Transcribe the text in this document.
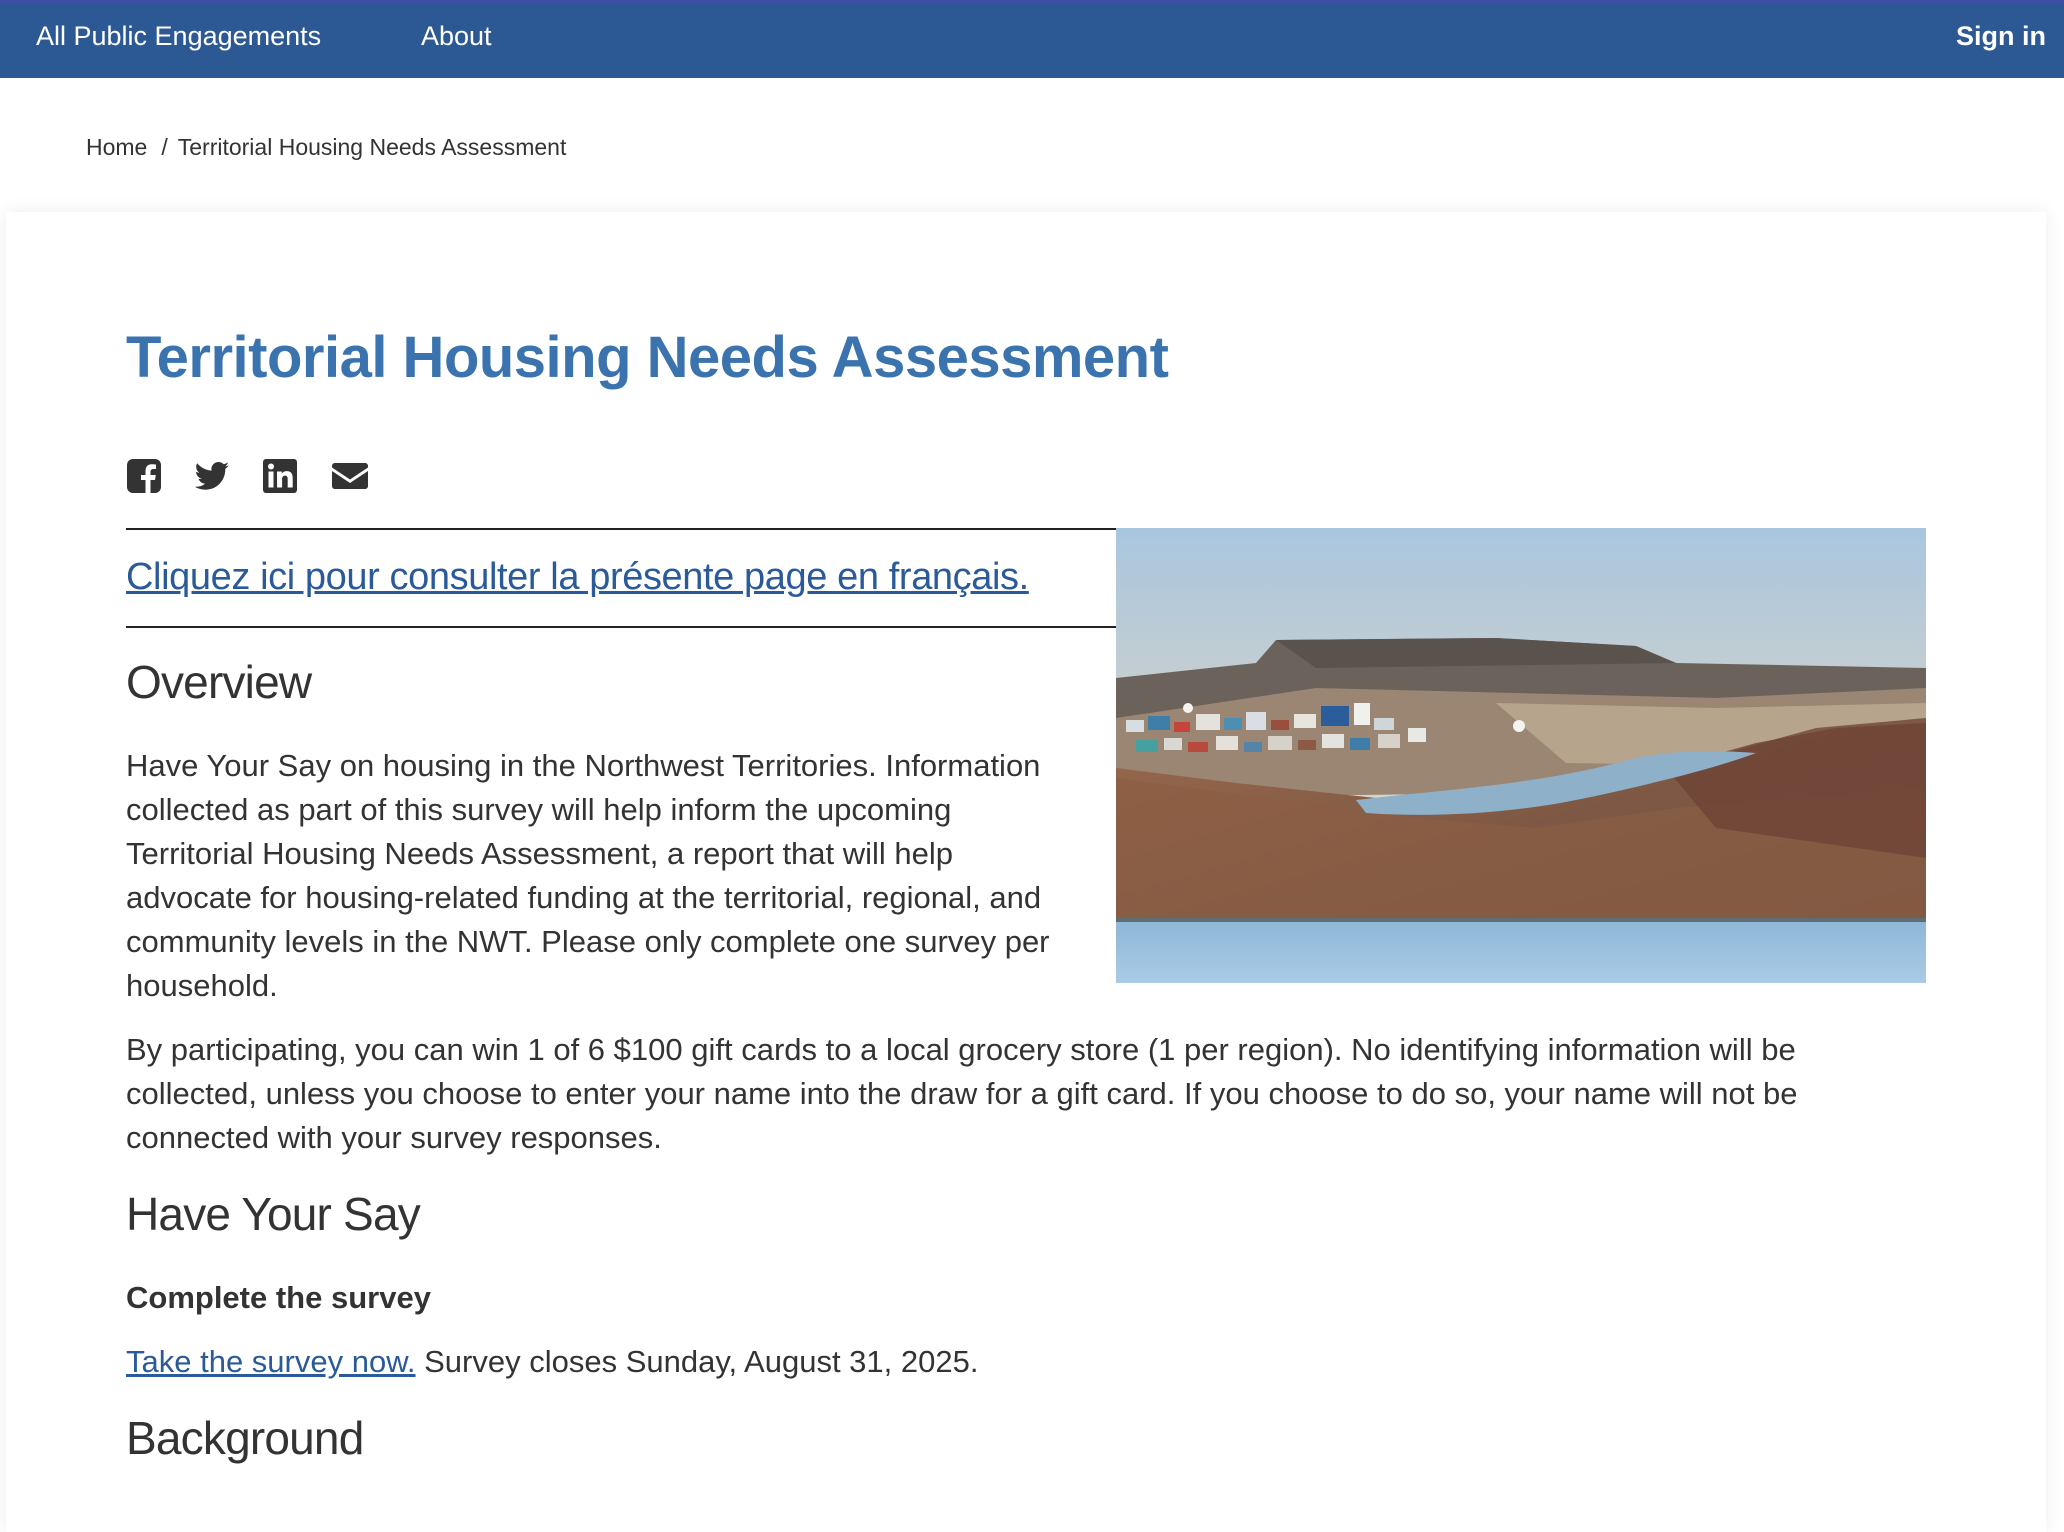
All Public Engagements	About	Sign in
Home / Territorial Housing Needs Assessment
Territorial Housing Needs Assessment
Cliquez ici pour consulter la présente page en français.
Overview

Have Your Say on housing in the Northwest Territories. Information collected as part of this survey will help inform the upcoming Territorial Housing Needs Assessment, a report that will help advocate for housing-related funding at the territorial, regional, and community levels in the NWT. Please only complete one survey per household.

By participating, you can win 1 of 6 $100 gift cards to a local grocery store (1 per region). No identifying information will be collected, unless you choose to enter your name into the draw for a gift card. If you choose to do so, your name will not be connected with your survey responses.

Have Your Say
Complete the survey

Take the survey now. Survey closes Sunday, August 31, 2025.

Background
